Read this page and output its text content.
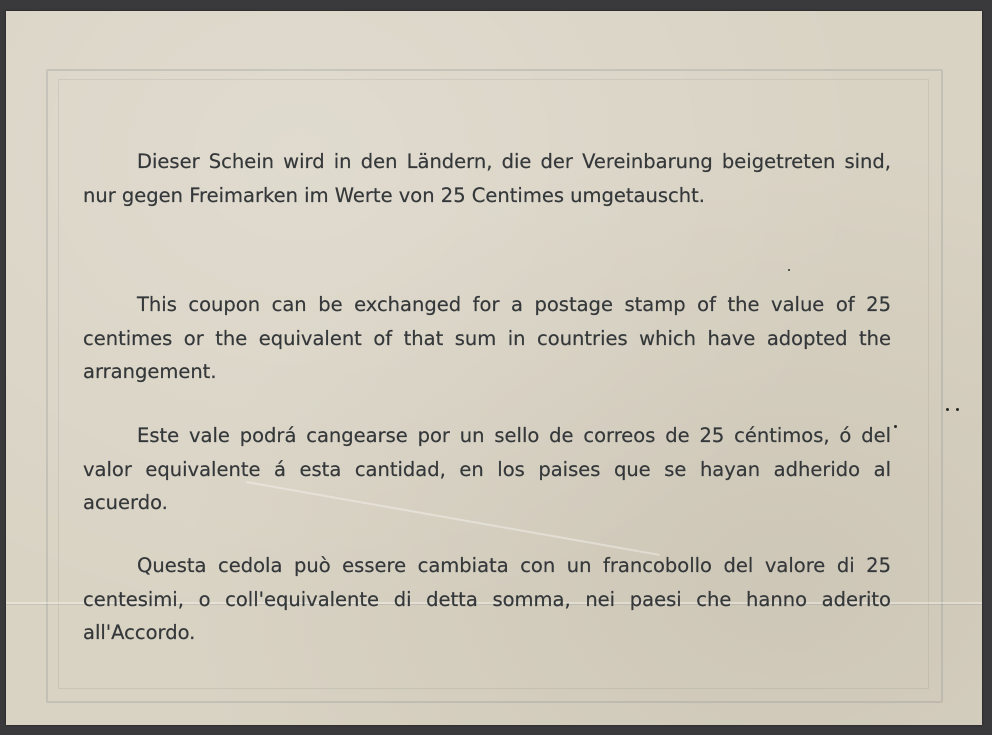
Dieser Schein wird in den Ländern, die der Vereinbarung beigetreten sind, nur gegen Freimarken im Werte von 25 Centimes umgetauscht.
This coupon can be exchanged for a postage stamp of the value of 25 centimes or the equivalent of that sum in countries which have adopted the arrangement.
Este vale podrá cangearse por un sello de correos de 25 céntimos, ó del valor equivalente á esta cantidad, en los paises que se hayan adherido al acuerdo.
Questa cedola può essere cambiata con un francobollo del valore di 25 centesimi, o coll'equivalente di detta somma, nei paesi che hanno aderito all'Accordo.
